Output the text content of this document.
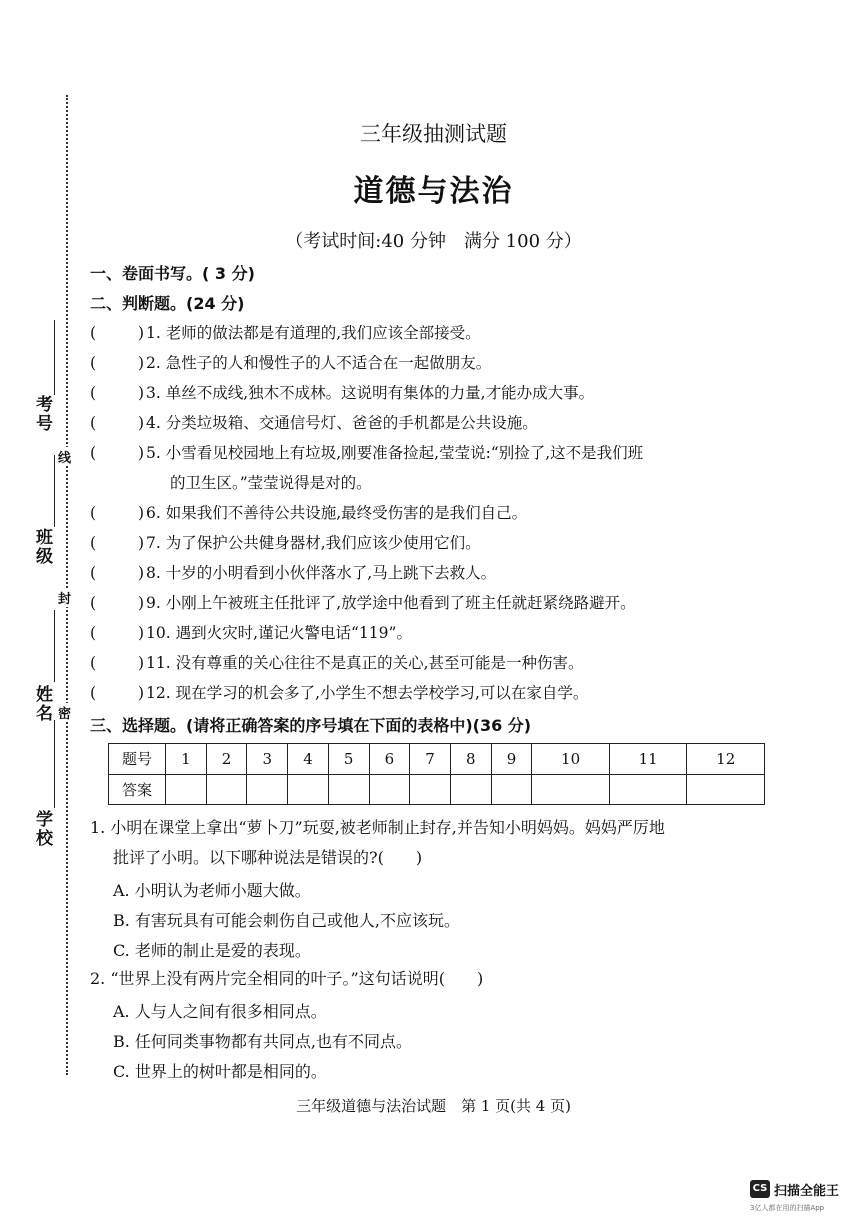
考号
班级
姓名
学校
线
封
密
三年级抽测试题
道德与法治
（考试时间:40 分钟　满分 100 分）
一、卷面书写。( 3 分)
二、判断题。(24 分)
(	) 1. 老师的做法都是有道理的,我们应该全部接受。
(	) 2. 急性子的人和慢性子的人不适合在一起做朋友。
(	) 3. 单丝不成线,独木不成林。这说明有集体的力量,才能办成大事。
(	) 4. 分类垃圾箱、交通信号灯、爸爸的手机都是公共设施。
(	) 5. 小雪看见校园地上有垃圾,刚要准备捡起,莹莹说:“别捡了,这不是我们班
的卫生区。”莹莹说得是对的。
(	) 6. 如果我们不善待公共设施,最终受伤害的是我们自己。
(	) 7. 为了保护公共健身器材,我们应该少使用它们。
(	) 8. 十岁的小明看到小伙伴落水了,马上跳下去救人。
(	) 9. 小刚上午被班主任批评了,放学途中他看到了班主任就赶紧绕路避开。
(	) 10. 遇到火灾时,谨记火警电话“119”。
(	) 11. 没有尊重的关心往往不是真正的关心,甚至可能是一种伤害。
(	) 12. 现在学习的机会多了,小学生不想去学校学习,可以在家自学。
三、选择题。(请将正确答案的序号填在下面的表格中)(36 分)
题号	1	2	3	4	5	6	7	8	9	10	11	12
答案												
1. 小明在课堂上拿出“萝卜刀”玩耍,被老师制止封存,并告知小明妈妈。妈妈严厉地
批评了小明。以下哪种说法是错误的?(　　)
A. 小明认为老师小题大做。
B. 有害玩具有可能会刺伤自己或他人,不应该玩。
C. 老师的制止是爱的表现。
2. “世界上没有两片完全相同的叶子。”这句话说明(　　)
A. 人与人之间有很多相同点。
B. 任何同类事物都有共同点,也有不同点。
C. 世界上的树叶都是相同的。
三年级道德与法治试题　第 1 页(共 4 页)
CS 扫描全能王
3亿人都在用的扫描App
